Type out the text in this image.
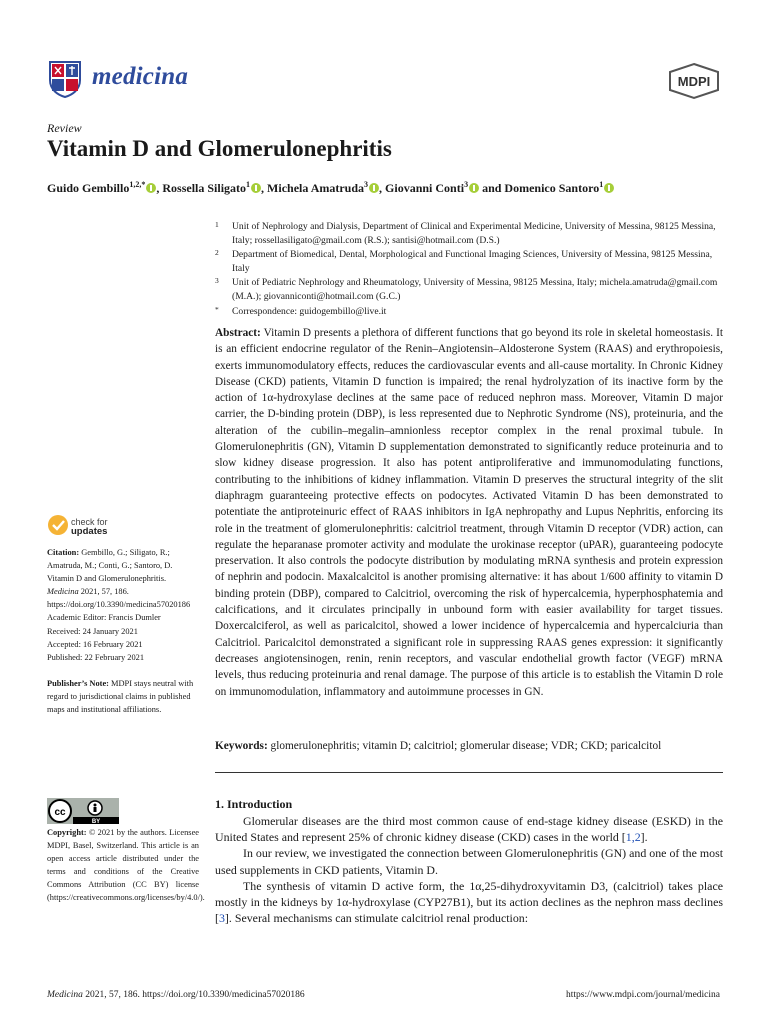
medicina	MDPI
Review
Vitamin D and Glomerulonephritis
Guido Gembillo$^{1,2,*}$ , Rossella Siligato$^1$ , Michela Amatruda$^3$ , Giovanni Conti$^3$ and Domenico Santoro$^1$
1 Unit of Nephrology and Dialysis, Department of Clinical and Experimental Medicine, University of Messina, 98125 Messina, Italy; rossellasiligato@gmail.com (R.S.); santisi@hotmail.com (D.S.)
2 Department of Biomedical, Dental, Morphological and Functional Imaging Sciences, University of Messina, 98125 Messina, Italy
3 Unit of Pediatric Nephrology and Rheumatology, University of Messina, 98125 Messina, Italy; michela.amatruda@gmail.com (M.A.); giovanniconti@hotmail.com (G.C.)
* Correspondence: guidogembillo@live.it

Abstract: Vitamin D presents a plethora of different functions that go beyond its role in skeletal homeostasis. It is an efficient endocrine regulator of the Renin–Angiotensin–Aldosterone System (RAAS) and erythropoiesis, exerts immunomodulatory effects, reduces the cardiovascular events and all-cause mortality. In Chronic Kidney Disease (CKD) patients, Vitamin D function is impaired; the renal hydrolyzation of its inactive form by the action of 1α-hydroxylase declines at the same pace of reduced nephron mass. Moreover, Vitamin D major carrier, the D-binding protein (DBP), is less represented due to Nephrotic Syndrome (NS), proteinuria, and the alteration of the cubilin–megalin–amnionless receptor complex in the renal proximal tubule. In Glomerulonephritis (GN), Vitamin D supplementation demonstrated to significantly reduce proteinuria and to slow kidney disease progression. It also has potent antiproliferative and immunomodulating functions, contributing to the inhibitions of kidney inflammation. Vitamin D preserves the structural integrity of the slit diaphragm guaranteeing protective effects on podocytes. Activated Vitamin D has been demonstrated to potentiate the antiproteinuric effect of RAAS inhibitors in IgA nephropathy and Lupus Nephritis, enforcing its role in the treatment of glomerulonephritis: calcitriol treatment, through Vitamin D receptor (VDR) action, can regulate the heparanase promoter activity and modulate the urokinase receptor (uPAR), guaranteeing podocyte preservation. It also controls the podocyte distribution by modulating mRNA synthesis and protein expression of nephrin and podocin. Maxalcalcitol is another promising alternative: it has about 1/600 affinity to vitamin D binding protein (DBP), compared to Calcitriol, overcoming the risk of hypercalcemia, hyperphosphatemia and calcifications, and it circulates principally in unbound form with easier availability for target tissues. Doxercalciferol, as well as paricalcitol, showed a lower incidence of hypercalcemia and hypercalciuria than Calcitriol. Paricalcitol demonstrated a significant role in suppressing RAAS genes expression: it significantly decreases angiotensinogen, renin, renin receptors, and vascular endothelial growth factor (VEGF) mRNA levels, thus reducing proteinuria and renal damage. The purpose of this article is to establish the Vitamin D role on immunomodulation, inflammatory and autoimmune processes in GN.

Keywords: glomerulonephritis; vitamin D; calcitriol; glomerular disease; VDR; CKD; paricalcitol
1. Introduction

Glomerular diseases are the third most common cause of end-stage kidney disease (ESKD) in the United States and represent 25% of chronic kidney disease (CKD) cases in the world [1,2].

In our review, we investigated the connection between Glomerulonephritis (GN) and one of the most used supplements in CKD patients, Vitamin D.

The synthesis of vitamin D active form, the 1α,25-dihydroxyvitamin D3, (calcitriol) takes place mostly in the kidneys by 1α-hydroxylase (CYP27B1), but its action declines as the nephron mass declines [3]. Several mechanisms can stimulate calcitriol renal production:

check for
updates

Citation: Gembillo, G.; Siligato, R.; Amatruda, M.; Conti, G.; Santoro, D. Vitamin D and Glomerulonephritis. Medicina 2021, 57, 186. https://doi.org/10.3390/medicina57020186

Academic Editor: Francis Dumler

Received: 24 January 2021

Accepted: 16 February 2021

Published: 22 February 2021

Publisher’s Note: MDPI stays neutral with regard to jurisdictional claims in published maps and institutional affiliations.

cc
BY

Copyright: © 2021 by the authors. Licensee MDPI, Basel, Switzerland. This article is an open access article distributed under the terms and conditions of the Creative Commons Attribution (CC BY) license (https://creativecommons.org/licenses/by/4.0/).

Medicina 2021, 57, 186. https://doi.org/10.3390/medicina57020186	https://www.mdpi.com/journal/medicina
